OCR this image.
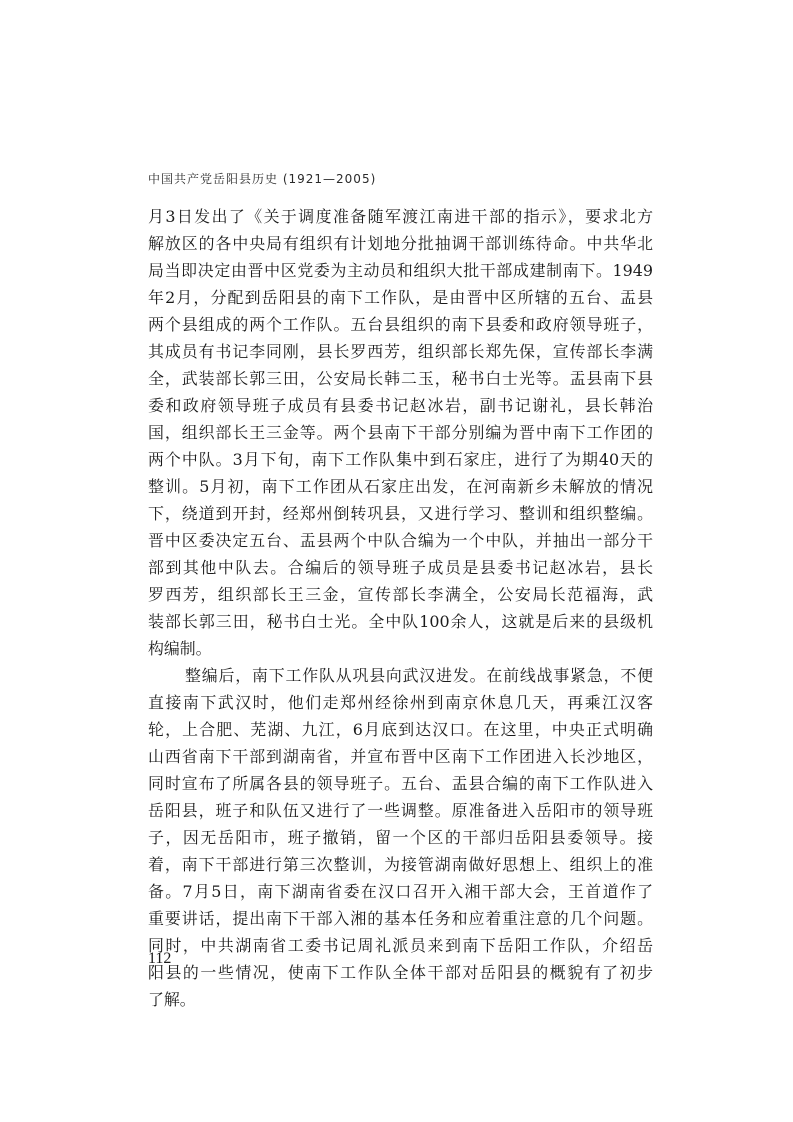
中国共产党岳阳县历史 (1921—2005)
月3日发出了《关于调度准备随军渡江南进干部的指示》，要求北方
解放区的各中央局有组织有计划地分批抽调干部训练待命。中共华北
局当即决定由晋中区党委为主动员和组织大批干部成建制南下。1949
年2月，分配到岳阳县的南下工作队，是由晋中区所辖的五台、盂县
两个县组成的两个工作队。五台县组织的南下县委和政府领导班子，
其成员有书记李同刚，县长罗西芳，组织部长郑先保，宣传部长李满
全，武装部长郭三田，公安局长韩二玉，秘书白士光等。盂县南下县
委和政府领导班子成员有县委书记赵冰岩，副书记谢礼，县长韩治
国，组织部长王三金等。两个县南下干部分别编为晋中南下工作团的
两个中队。3月下旬，南下工作队集中到石家庄，进行了为期40天的
整训。5月初，南下工作团从石家庄出发，在河南新乡未解放的情况
下，绕道到开封，经郑州倒转巩县，又进行学习、整训和组织整编。
晋中区委决定五台、盂县两个中队合编为一个中队，并抽出一部分干
部到其他中队去。合编后的领导班子成员是县委书记赵冰岩，县长
罗西芳，组织部长王三金，宣传部长李满全，公安局长范福海，武
装部长郭三田，秘书白士光。全中队100余人，这就是后来的县级机
构编制。
整编后，南下工作队从巩县向武汉进发。在前线战事紧急，不便
直接南下武汉时，他们走郑州经徐州到南京休息几天，再乘江汉客
轮，上合肥、芜湖、九江，6月底到达汉口。在这里，中央正式明确
山西省南下干部到湖南省，并宣布晋中区南下工作团进入长沙地区，
同时宣布了所属各县的领导班子。五台、盂县合编的南下工作队进入
岳阳县，班子和队伍又进行了一些调整。原准备进入岳阳市的领导班
子，因无岳阳市，班子撤销，留一个区的干部归岳阳县委领导。接
着，南下干部进行第三次整训，为接管湖南做好思想上、组织上的准
备。7月5日，南下湖南省委在汉口召开入湘干部大会，王首道作了
重要讲话，提出南下干部入湘的基本任务和应着重注意的几个问题。
同时，中共湖南省工委书记周礼派员来到南下岳阳工作队，介绍岳
阳县的一些情况，使南下工作队全体干部对岳阳县的概貌有了初步
了解。
112
